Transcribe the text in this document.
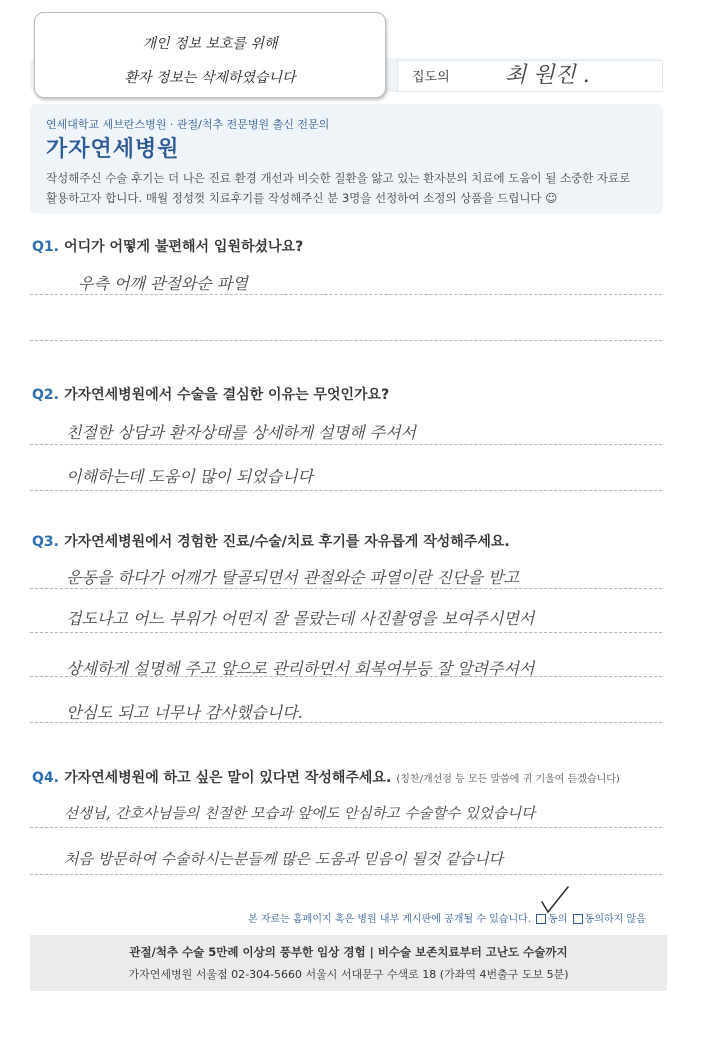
집도의	최 원진 .
개인 정보 보호를 위해
환자 정보는 삭제하였습니다
연세대학교 세브란스병원 · 관절/척추 전문병원 출신 전문의
가자연세병원
작성해주신 수술 후기는 더 나은 진료 환경 개선과 비슷한 질환을 앓고 있는 환자분의 치료에 도움이 될 소중한 자료로
활용하고자 합니다. 매월 정성껏 치료후기를 작성해주신 분 3명을 선정하여 소정의 상품을 드립니다 ☺
Q1. 어디가 어떻게 불편해서 입원하셨나요?
우측 어깨 관절와순 파열
Q2. 가자연세병원에서 수술을 결심한 이유는 무엇인가요?
친절한 상담과 환자상태를 상세하게 설명해 주셔서
이해하는데 도움이 많이 되었습니다
Q3. 가자연세병원에서 경험한 진료/수술/치료 후기를 자유롭게 작성해주세요.
운동을 하다가 어깨가 탈골되면서 관절와순 파열이란 진단을 받고
겁도나고 어느 부위가 어떤지 잘 몰랐는데 사진촬영을 보여주시면서
상세하게 설명해 주고 앞으로 관리하면서 회복여부등 잘 알려주셔서
안심도 되고 너무나 감사했습니다.
Q4. 가자연세병원에 하고 싶은 말이 있다면 작성해주세요. (칭찬/개선점 등 모든 말씀에 귀 기울여 듣겠습니다)
선생님, 간호사님들의 친절한 모습과 앞에도 안심하고 수술할수 있었습니다
처음 방문하여 수술하시는분들께 많은 도움과 믿음이 될것 같습니다
본 자료는 홈페이지 혹은 병원 내부 게시판에 공개될 수 있습니다. 동의 동의하지 않음
관절/척추 수술 5만례 이상의 풍부한 임상 경험 | 비수술 보존치료부터 고난도 수술까지
가자연세병원 서울점 02-304-5660 서울시 서대문구 수색로 18 (가좌역 4번출구 도보 5분)
